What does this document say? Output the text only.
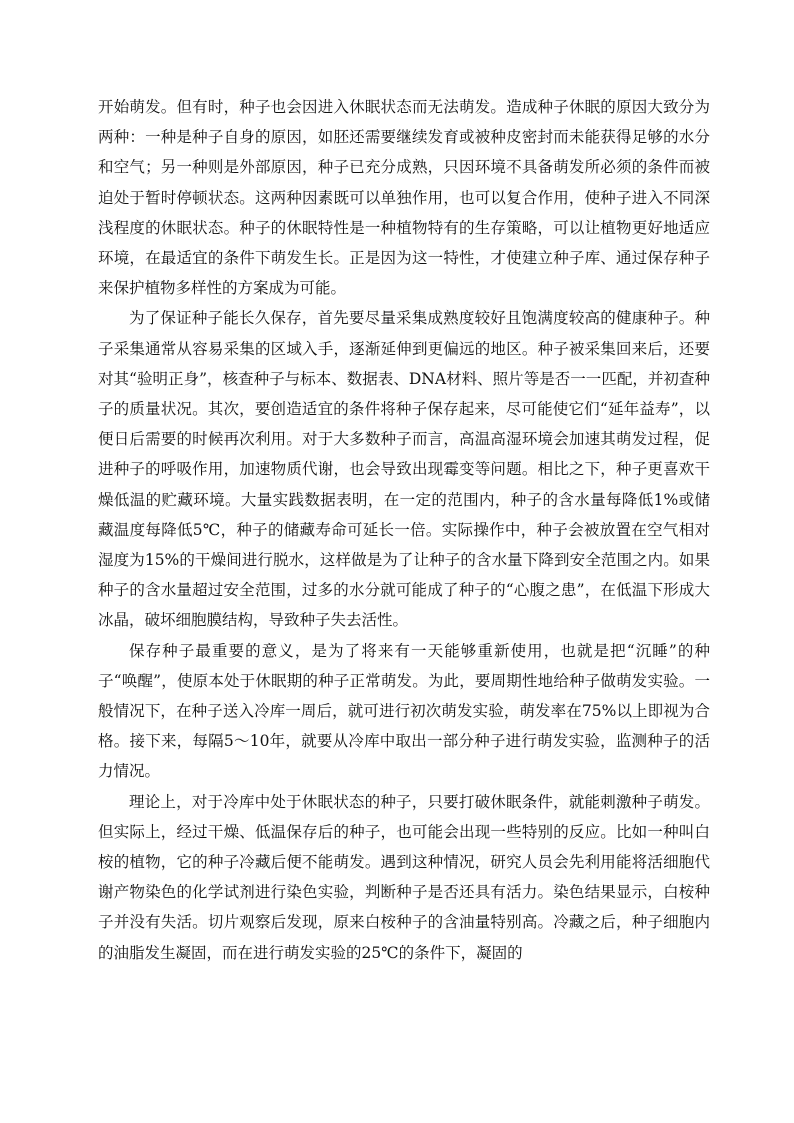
开始萌发。但有时，种子也会因进入休眠状态而无法萌发。造成种子休眠的原因大致分为两种：一种是种子自身的原因，如胚还需要继续发育或被种皮密封而未能获得足够的水分和空气；另一种则是外部原因，种子已充分成熟，只因环境不具备萌发所必须的条件而被迫处于暂时停顿状态。这两种因素既可以单独作用，也可以复合作用，使种子进入不同深浅程度的休眠状态。种子的休眠特性是一种植物特有的生存策略，可以让植物更好地适应环境，在最适宜的条件下萌发生长。正是因为这一特性，才使建立种子库、通过保存种子来保护植物多样性的方案成为可能。

为了保证种子能长久保存，首先要尽量采集成熟度较好且饱满度较高的健康种子。种子采集通常从容易采集的区域入手，逐渐延伸到更偏远的地区。种子被采集回来后，还要对其“验明正身”，核查种子与标本、数据表、DNA材料、照片等是否一一匹配，并初查种子的质量状况。其次，要创造适宜的条件将种子保存起来，尽可能使它们“延年益寿”，以便日后需要的时候再次利用。对于大多数种子而言，高温高湿环境会加速其萌发过程，促进种子的呼吸作用，加速物质代谢，也会导致出现霉变等问题。相比之下，种子更喜欢干燥低温的贮藏环境。大量实践数据表明，在一定的范围内，种子的含水量每降低1%或储藏温度每降低5℃，种子的储藏寿命可延长一倍。实际操作中，种子会被放置在空气相对湿度为15%的干燥间进行脱水，这样做是为了让种子的含水量下降到安全范围之内。如果种子的含水量超过安全范围，过多的水分就可能成了种子的“心腹之患”，在低温下形成大冰晶，破坏细胞膜结构，导致种子失去活性。

保存种子最重要的意义，是为了将来有一天能够重新使用，也就是把“沉睡”的种子“唤醒”，使原本处于休眠期的种子正常萌发。为此，要周期性地给种子做萌发实验。一般情况下，在种子送入冷库一周后，就可进行初次萌发实验，萌发率在75%以上即视为合格。接下来，每隔5～10年，就要从冷库中取出一部分种子进行萌发实验，监测种子的活力情况。

理论上，对于冷库中处于休眠状态的种子，只要打破休眠条件，就能刺激种子萌发。但实际上，经过干燥、低温保存后的种子，也可能会出现一些特别的反应。比如一种叫白桉的植物，它的种子冷藏后便不能萌发。遇到这种情况，研究人员会先利用能将活细胞代谢产物染色的化学试剂进行染色实验，判断种子是否还具有活力。染色结果显示，白桉种子并没有失活。切片观察后发现，原来白桉种子的含油量特别高。冷藏之后，种子细胞内的油脂发生凝固，而在进行萌发实验的25℃的条件下，凝固的
